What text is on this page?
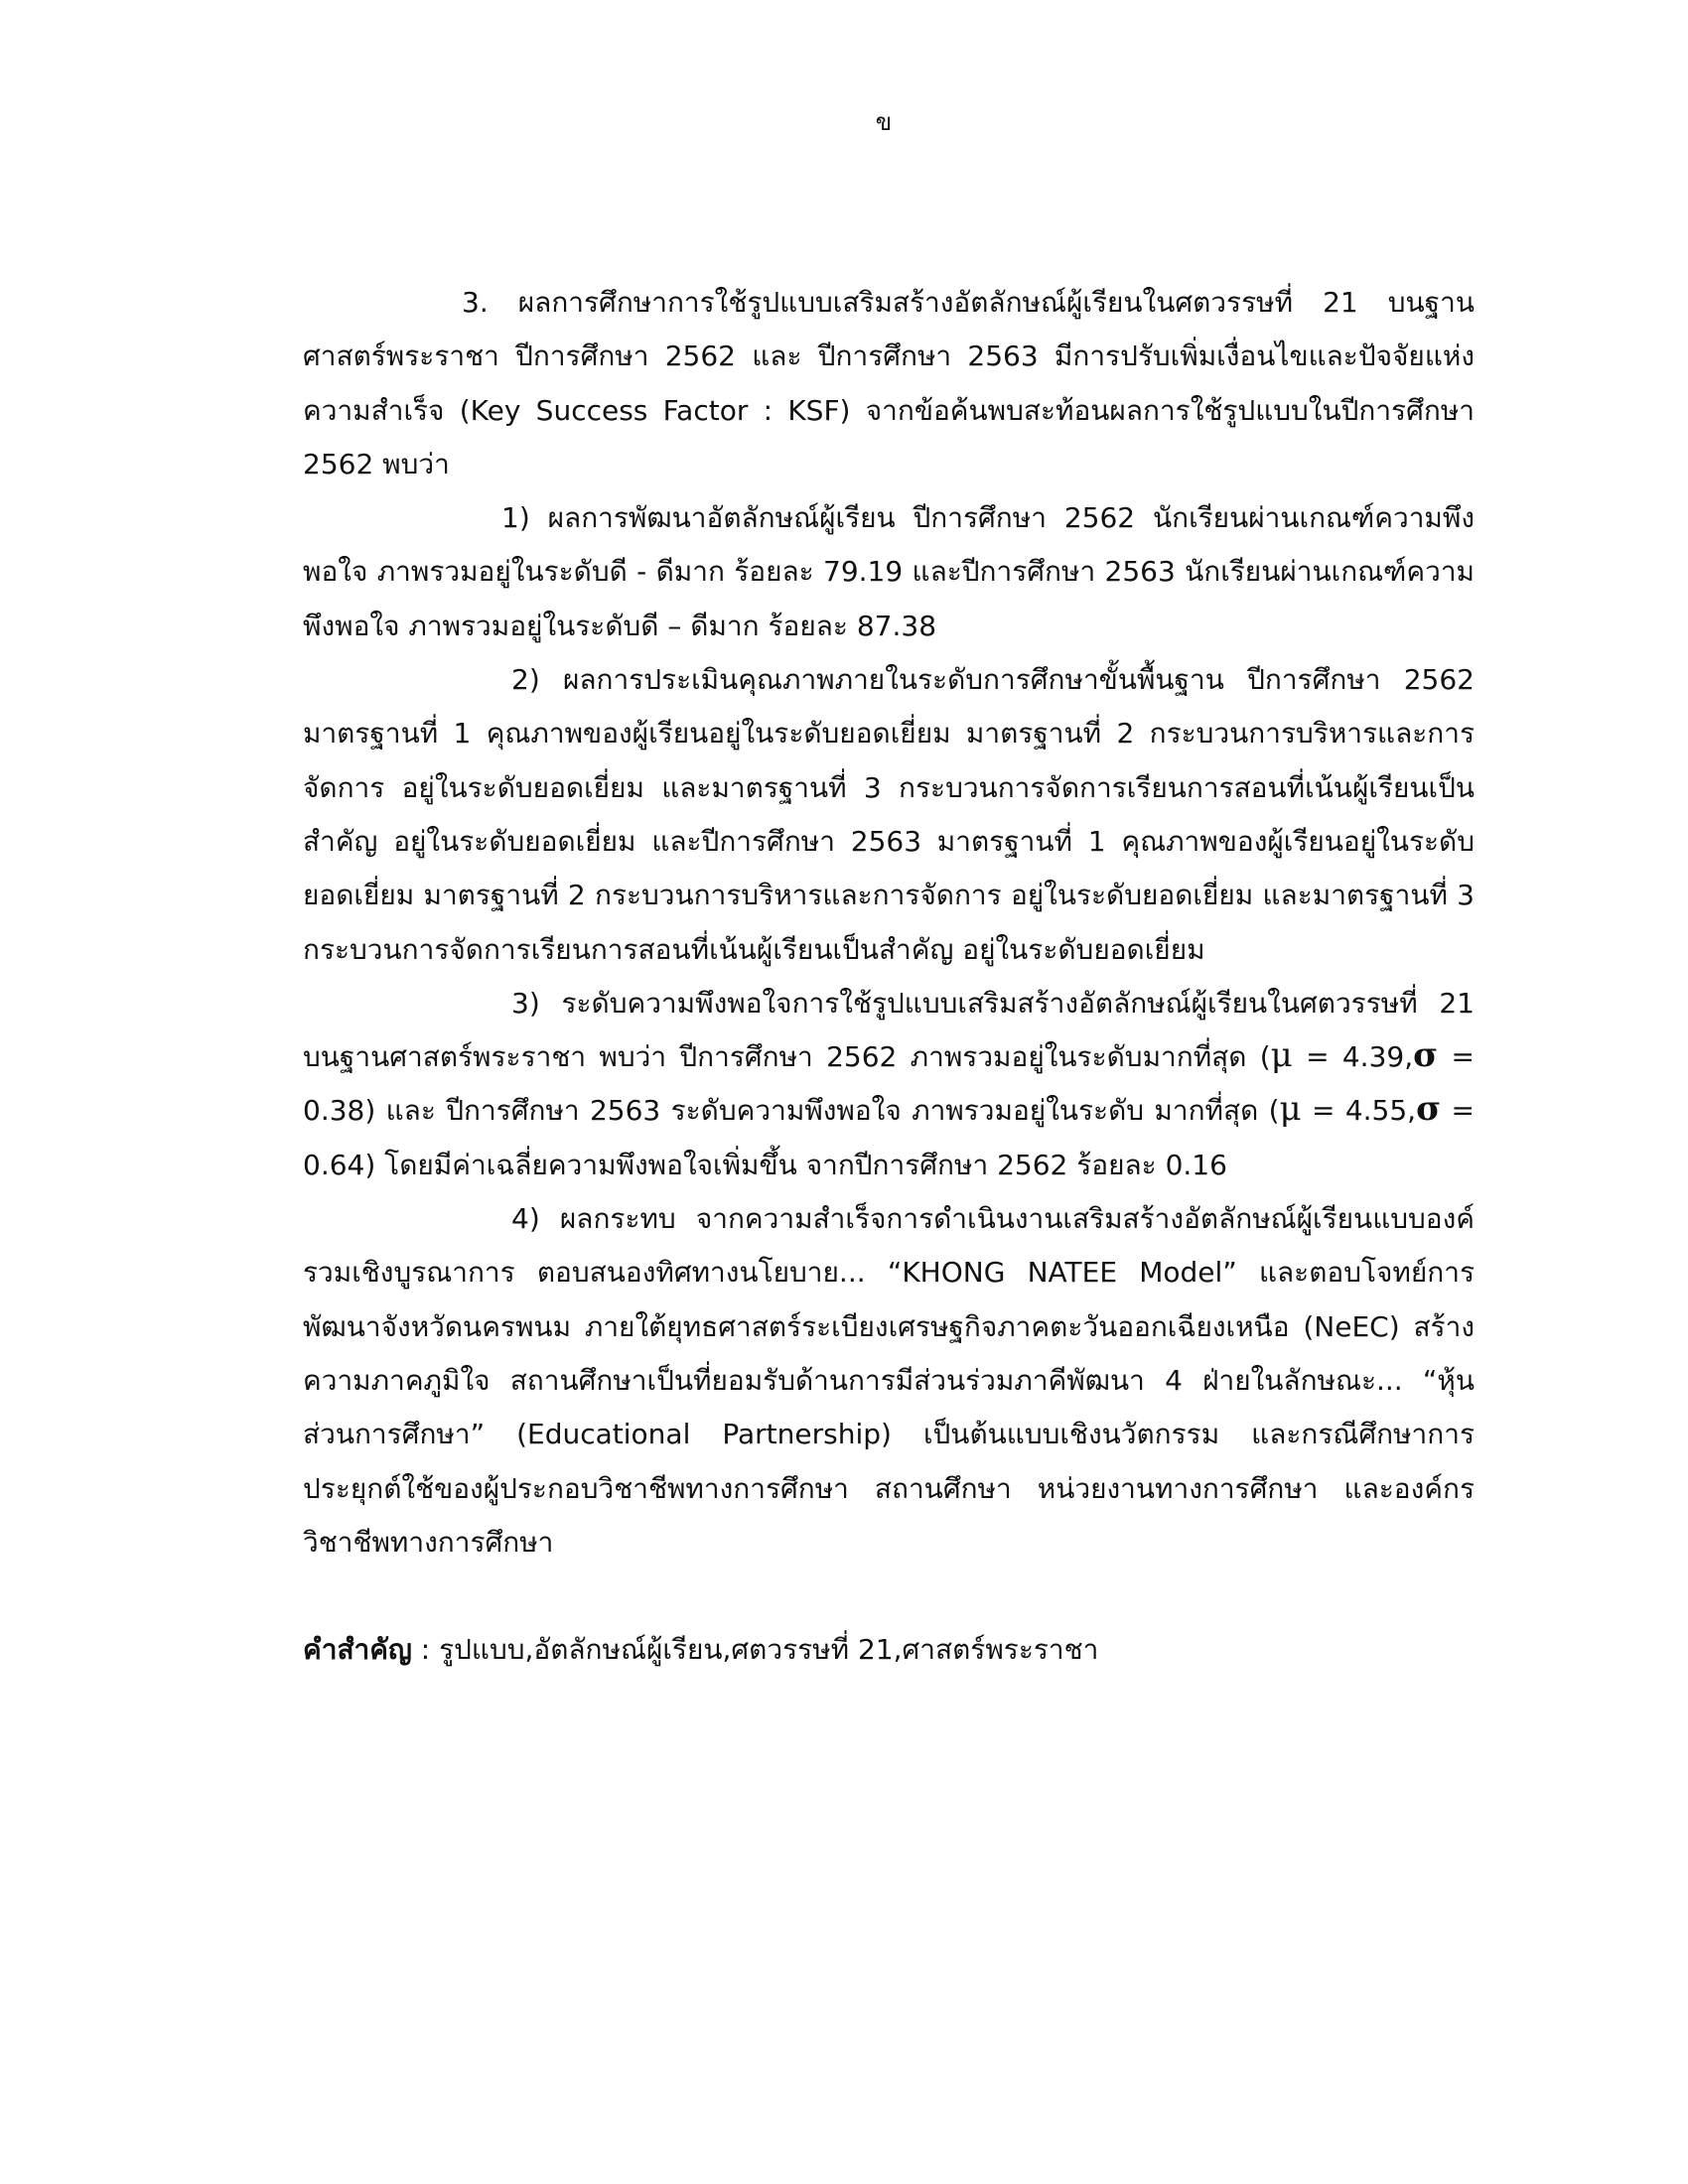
ข

3. ผลการศึกษาการใช้รูปแบบเสริมสร้างอัตลักษณ์ผู้เรียนในศตวรรษที่ 21 บนฐานศาสตร์พระราชา ปีการศึกษา 2562 และ ปีการศึกษา 2563 มีการปรับเพิ่มเงื่อนไขและปัจจัยแห่งความสำเร็จ (Key Success Factor : KSF) จากข้อค้นพบสะท้อนผลการใช้รูปแบบในปีการศึกษา 2562 พบว่า

1) ผลการพัฒนาอัตลักษณ์ผู้เรียน ปีการศึกษา 2562 นักเรียนผ่านเกณฑ์ความพึงพอใจ ภาพรวมอยู่ในระดับดี - ดีมาก ร้อยละ 79.19 และปีการศึกษา 2563 นักเรียนผ่านเกณฑ์ความพึงพอใจ ภาพรวมอยู่ในระดับดี – ดีมาก ร้อยละ 87.38

2) ผลการประเมินคุณภาพภายในระดับการศึกษาขั้นพื้นฐาน ปีการศึกษา 2562 มาตรฐานที่ 1 คุณภาพของผู้เรียนอยู่ในระดับยอดเยี่ยม มาตรฐานที่ 2 กระบวนการบริหารและการจัดการ อยู่ในระดับยอดเยี่ยม และมาตรฐานที่ 3 กระบวนการจัดการเรียนการสอนที่เน้นผู้เรียนเป็นสำคัญ อยู่ในระดับยอดเยี่ยม และปีการศึกษา 2563 มาตรฐานที่ 1 คุณภาพของผู้เรียนอยู่ในระดับยอดเยี่ยม มาตรฐานที่ 2 กระบวนการบริหารและการจัดการ อยู่ในระดับยอดเยี่ยม และมาตรฐานที่ 3 กระบวนการจัดการเรียนการสอนที่เน้นผู้เรียนเป็นสำคัญ อยู่ในระดับยอดเยี่ยม

3) ระดับความพึงพอใจการใช้รูปแบบเสริมสร้างอัตลักษณ์ผู้เรียนในศตวรรษที่ 21 บนฐานศาสตร์พระราชา พบว่า ปีการศึกษา 2562 ภาพรวมอยู่ในระดับมากที่สุด (μ = 4.39,σ = 0.38) และ ปีการศึกษา 2563 ระดับความพึงพอใจ ภาพรวมอยู่ในระดับ มากที่สุด (μ = 4.55,σ = 0.64) โดยมีค่าเฉลี่ยความพึงพอใจเพิ่มขึ้น จากปีการศึกษา 2562 ร้อยละ 0.16

4) ผลกระทบ จากความสำเร็จการดำเนินงานเสริมสร้างอัตลักษณ์ผู้เรียนแบบองค์รวมเชิงบูรณาการ ตอบสนองทิศทางนโยบาย... “KHONG NATEE Model” และตอบโจทย์การพัฒนาจังหวัดนครพนม ภายใต้ยุทธศาสตร์ระเบียงเศรษฐกิจภาคตะวันออกเฉียงเหนือ (NeEC) สร้างความภาคภูมิใจ สถานศึกษาเป็นที่ยอมรับด้านการมีส่วนร่วมภาคีพัฒนา 4 ฝ่ายในลักษณะ... “หุ้นส่วนการศึกษา” (Educational Partnership) เป็นต้นแบบเชิงนวัตกรรม และกรณีศึกษาการประยุกต์ใช้ของผู้ประกอบวิชาชีพทางการศึกษา สถานศึกษา หน่วยงานทางการศึกษา และองค์กรวิชาชีพทางการศึกษา

คำสำคัญ : รูปแบบ,อัตลักษณ์ผู้เรียน,ศตวรรษที่ 21,ศาสตร์พระราชา
